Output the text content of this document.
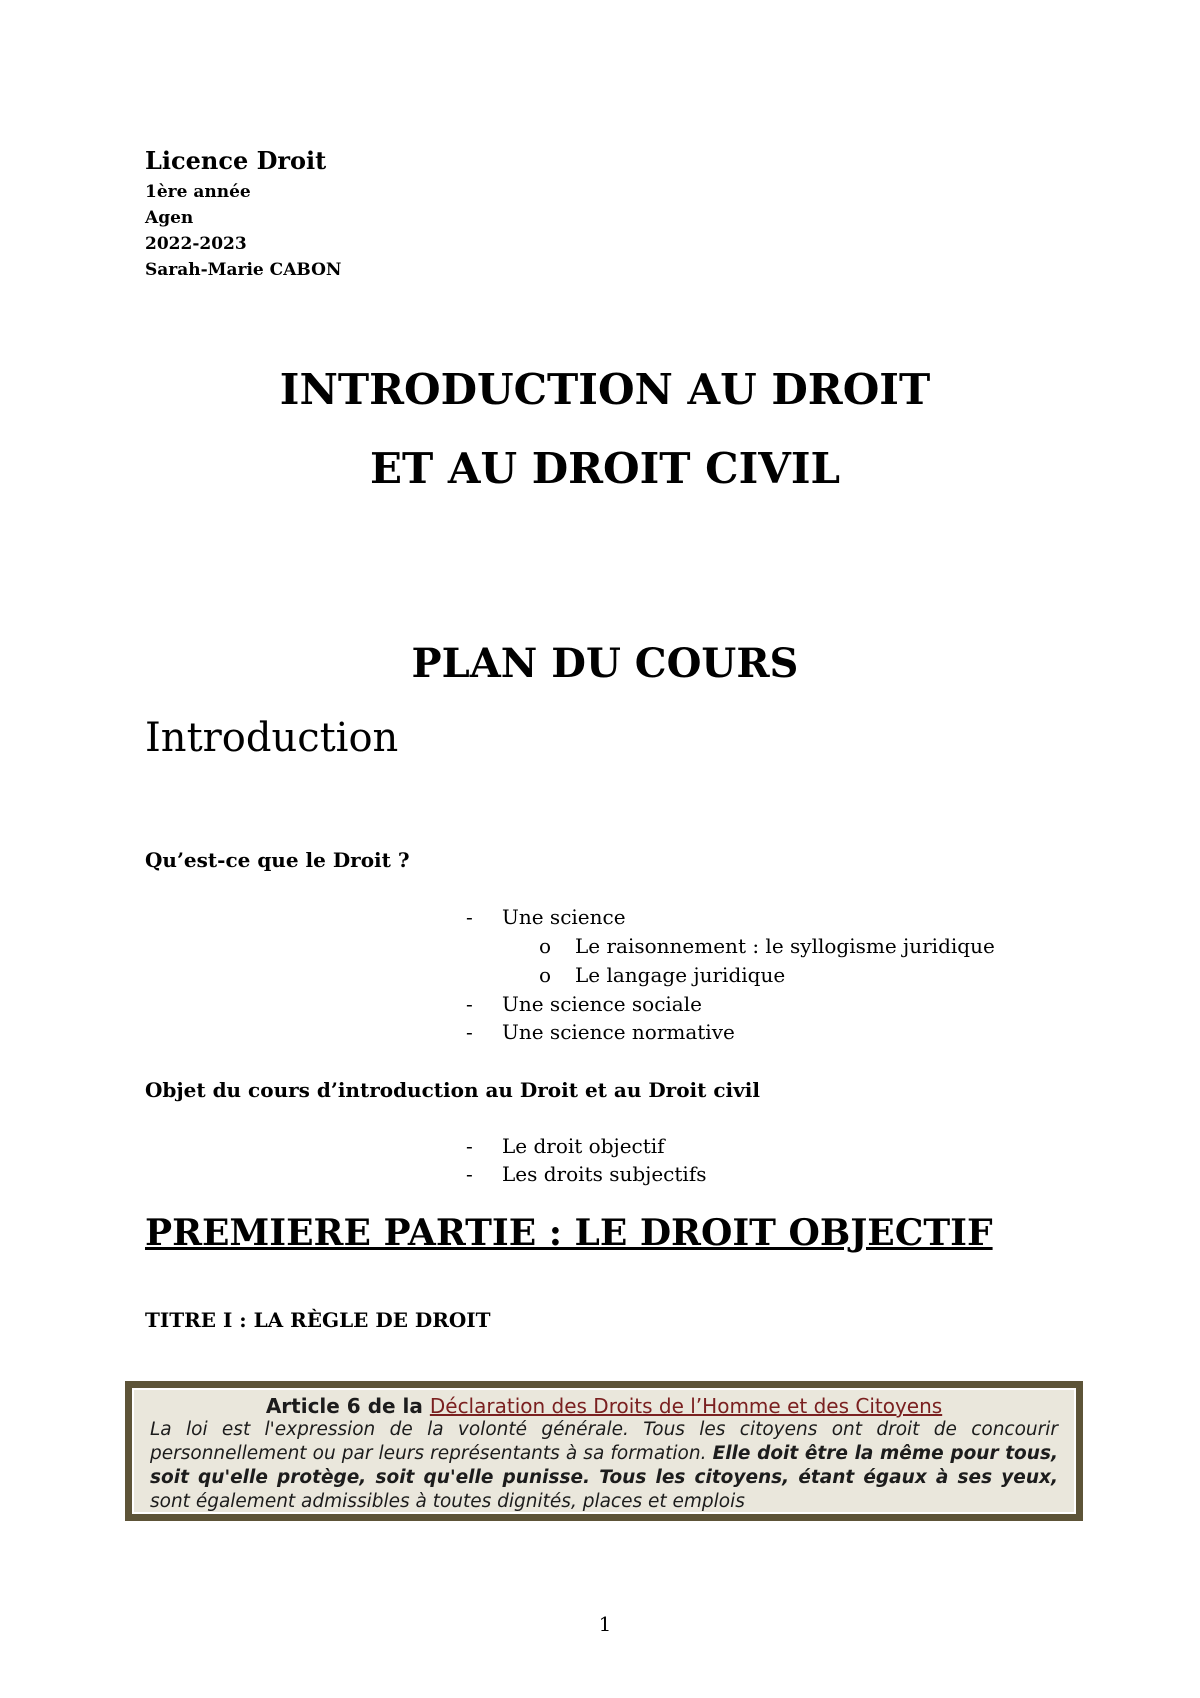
Licence Droit
1ère année
Agen
2022-2023
Sarah-Marie CABON
INTRODUCTION AU DROIT
ET AU DROIT CIVIL
PLAN DU COURS
Introduction
Qu’est-ce que le Droit ?
- Une science
o Le raisonnement : le syllogisme juridique
o Le langage juridique
- Une science sociale
- Une science normative
Objet du cours d’introduction au Droit et au Droit civil
- Le droit objectif
- Les droits subjectifs
PREMIERE PARTIE : LE DROIT OBJECTIF
TITRE I : LA RÈGLE DE DROIT
Article 6 de la Déclaration des Droits de l’Homme et des Citoyens
La loi est l'expression de la volonté générale. Tous les citoyens ont droit de concourir personnellement ou par leurs représentants à sa formation. Elle doit être la même pour tous, soit qu'elle protège, soit qu'elle punisse. Tous les citoyens, étant égaux à ses yeux, sont également admissibles à toutes dignités, places et emplois
1
